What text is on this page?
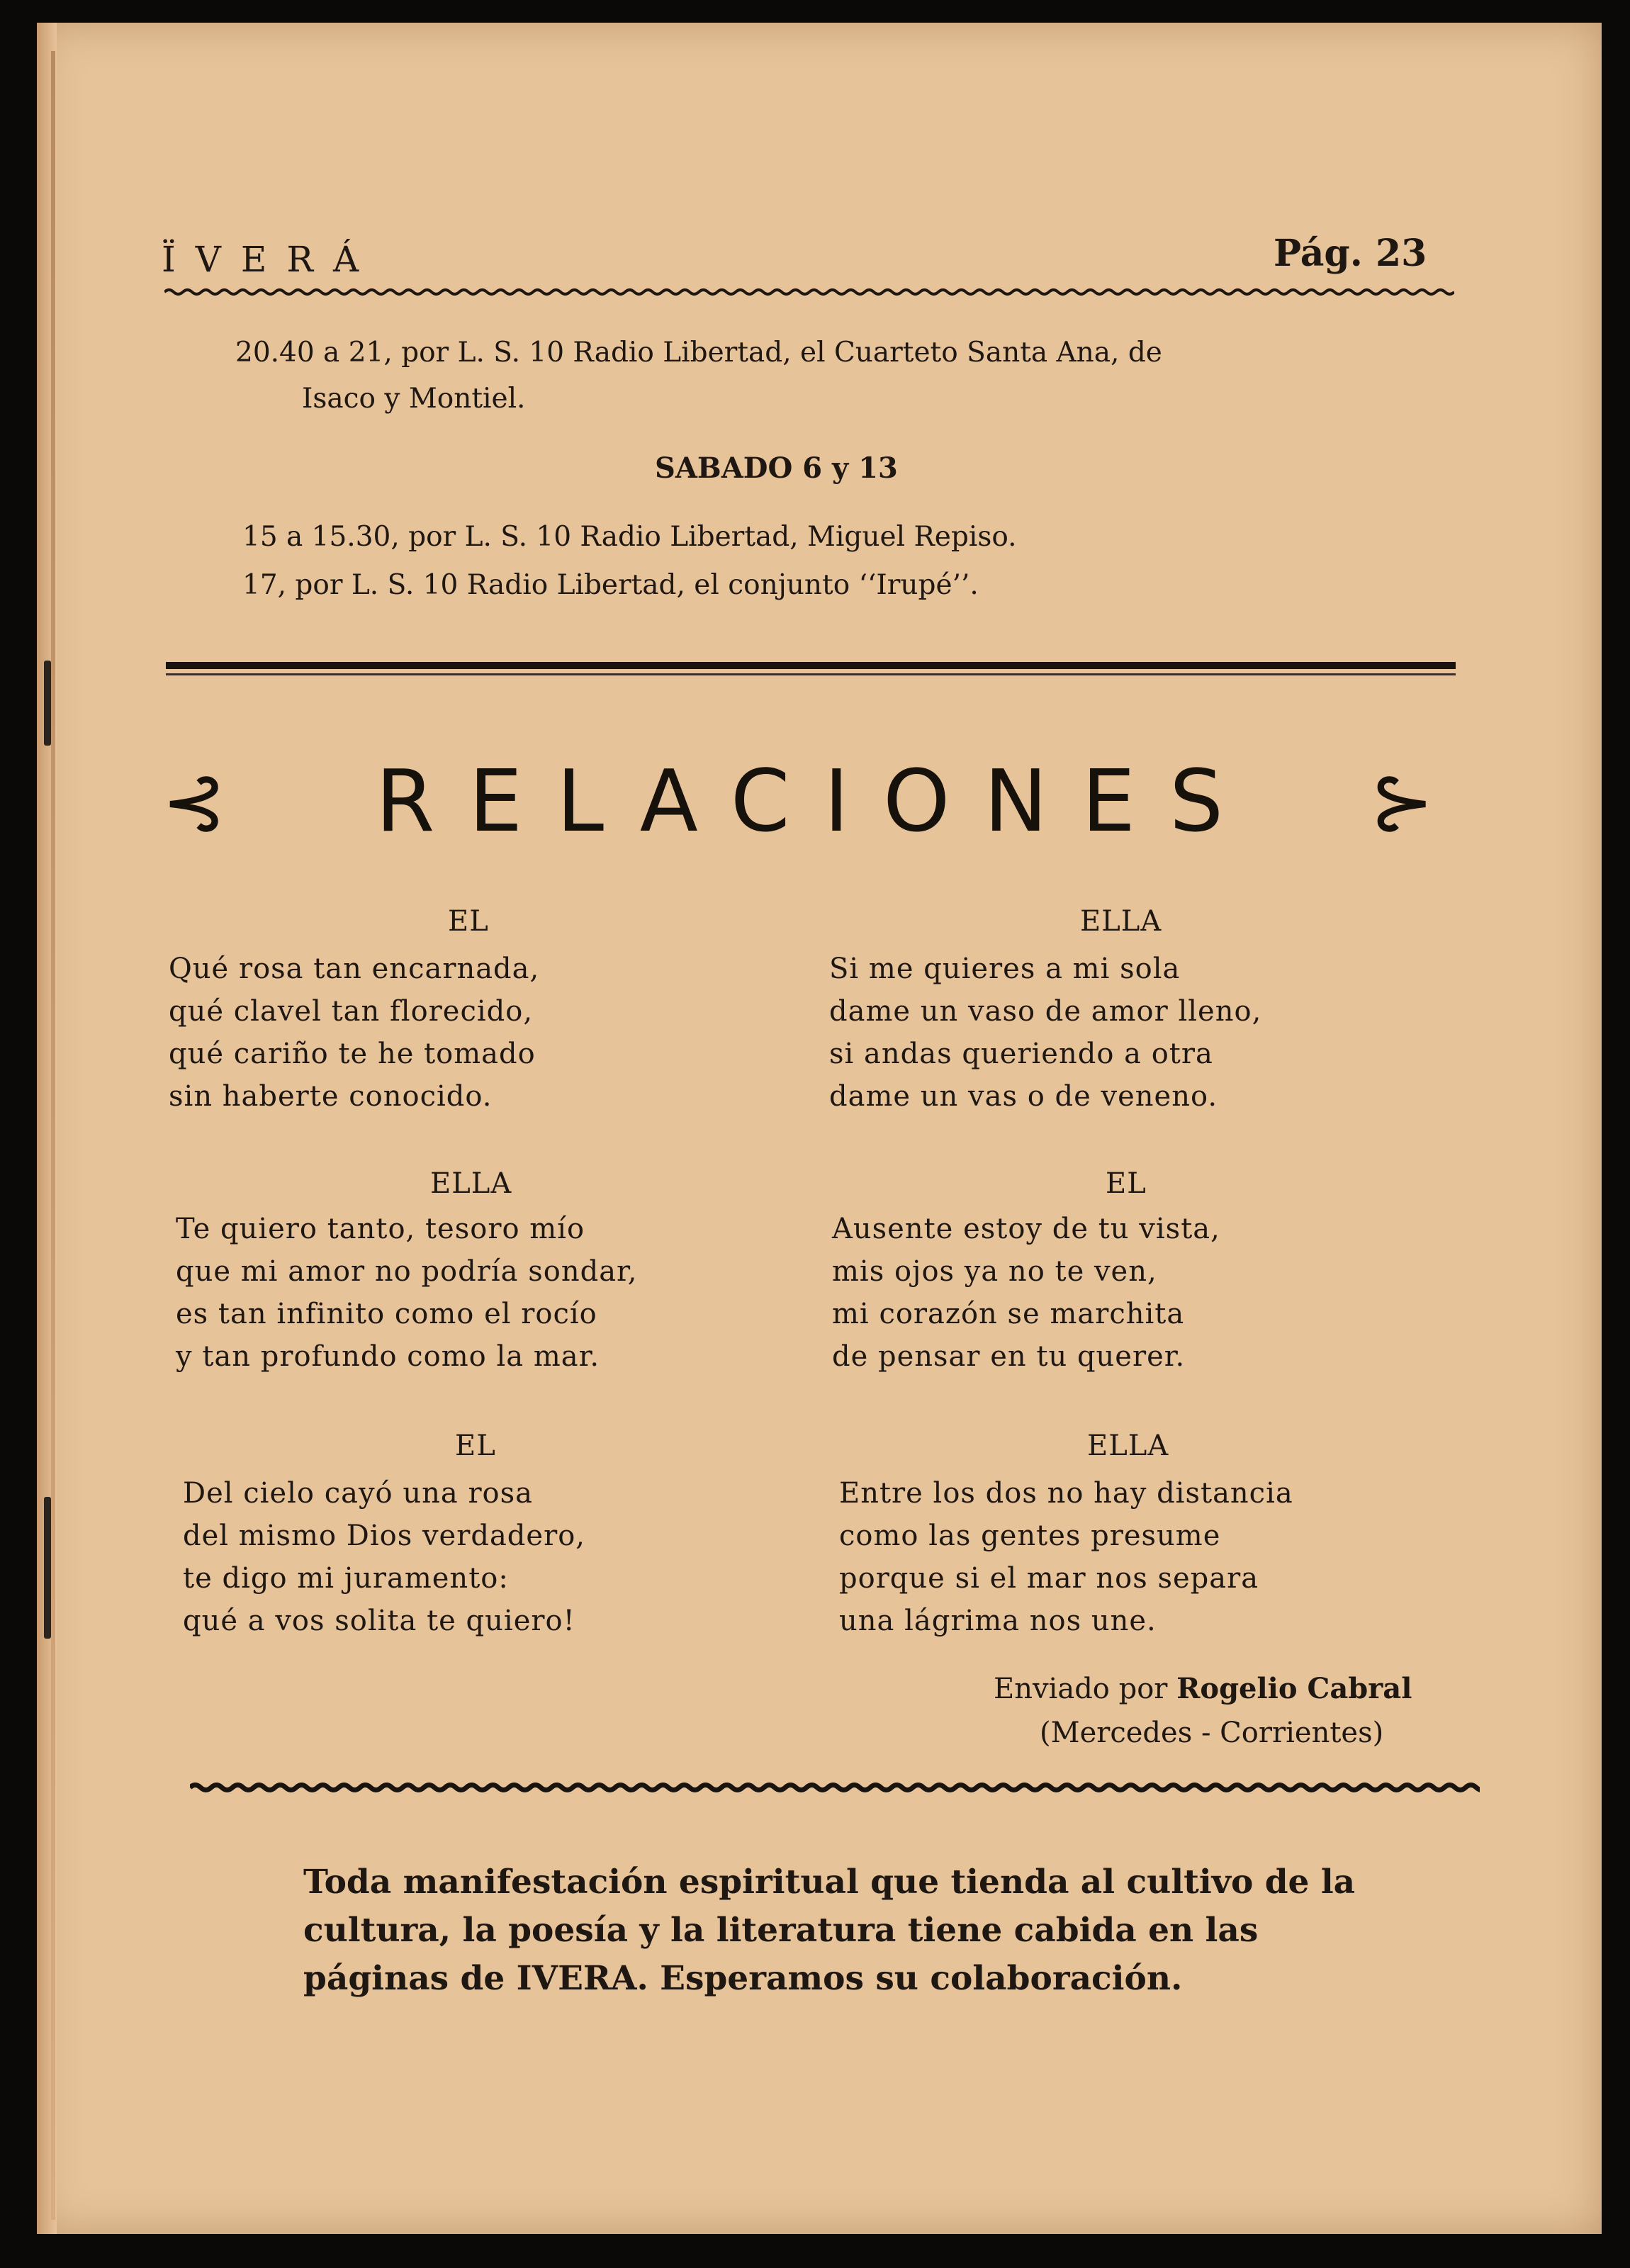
ÏVERÁ	Pág. 23
20.40 a 21, por L. S. 10 Radio Libertad, el Cuarteto Santa Ana, de
Isaco y Montiel.
SABADO 6 y 13
15 a 15.30, por L. S. 10 Radio Libertad, Miguel Repiso.
17, por L. S. 10 Radio Libertad, el conjunto ‘‘Irupé’’.
⊰ RELACIONES ⊱
EL
Qué rosa tan encarnada,
qué clavel tan florecido,
qué cariño te he tomado
sin haberte conocido.
ELLA
Te quiero tanto, tesoro mío
que mi amor no podría sondar,
es tan infinito como el rocío
y tan profundo como la mar.
EL
Del cielo cayó una rosa
del mismo Dios verdadero,
te digo mi juramento:
qué a vos solita te quiero!
ELLA
Si me quieres a mi sola
dame un vaso de amor lleno,
si andas queriendo a otra
dame un vas o de veneno.
EL
Ausente estoy de tu vista,
mis ojos ya no te ven,
mi corazón se marchita
de pensar en tu querer.
ELLA
Entre los dos no hay distancia
como las gentes presume
porque si el mar nos separa
una lágrima nos une.
Enviado por Rogelio Cabral
(Mercedes - Corrientes)
Toda manifestación espiritual que tienda al cultivo de la cultura, la poesía y la literatura tiene cabida en las páginas de IVERA. Esperamos su colaboración.
